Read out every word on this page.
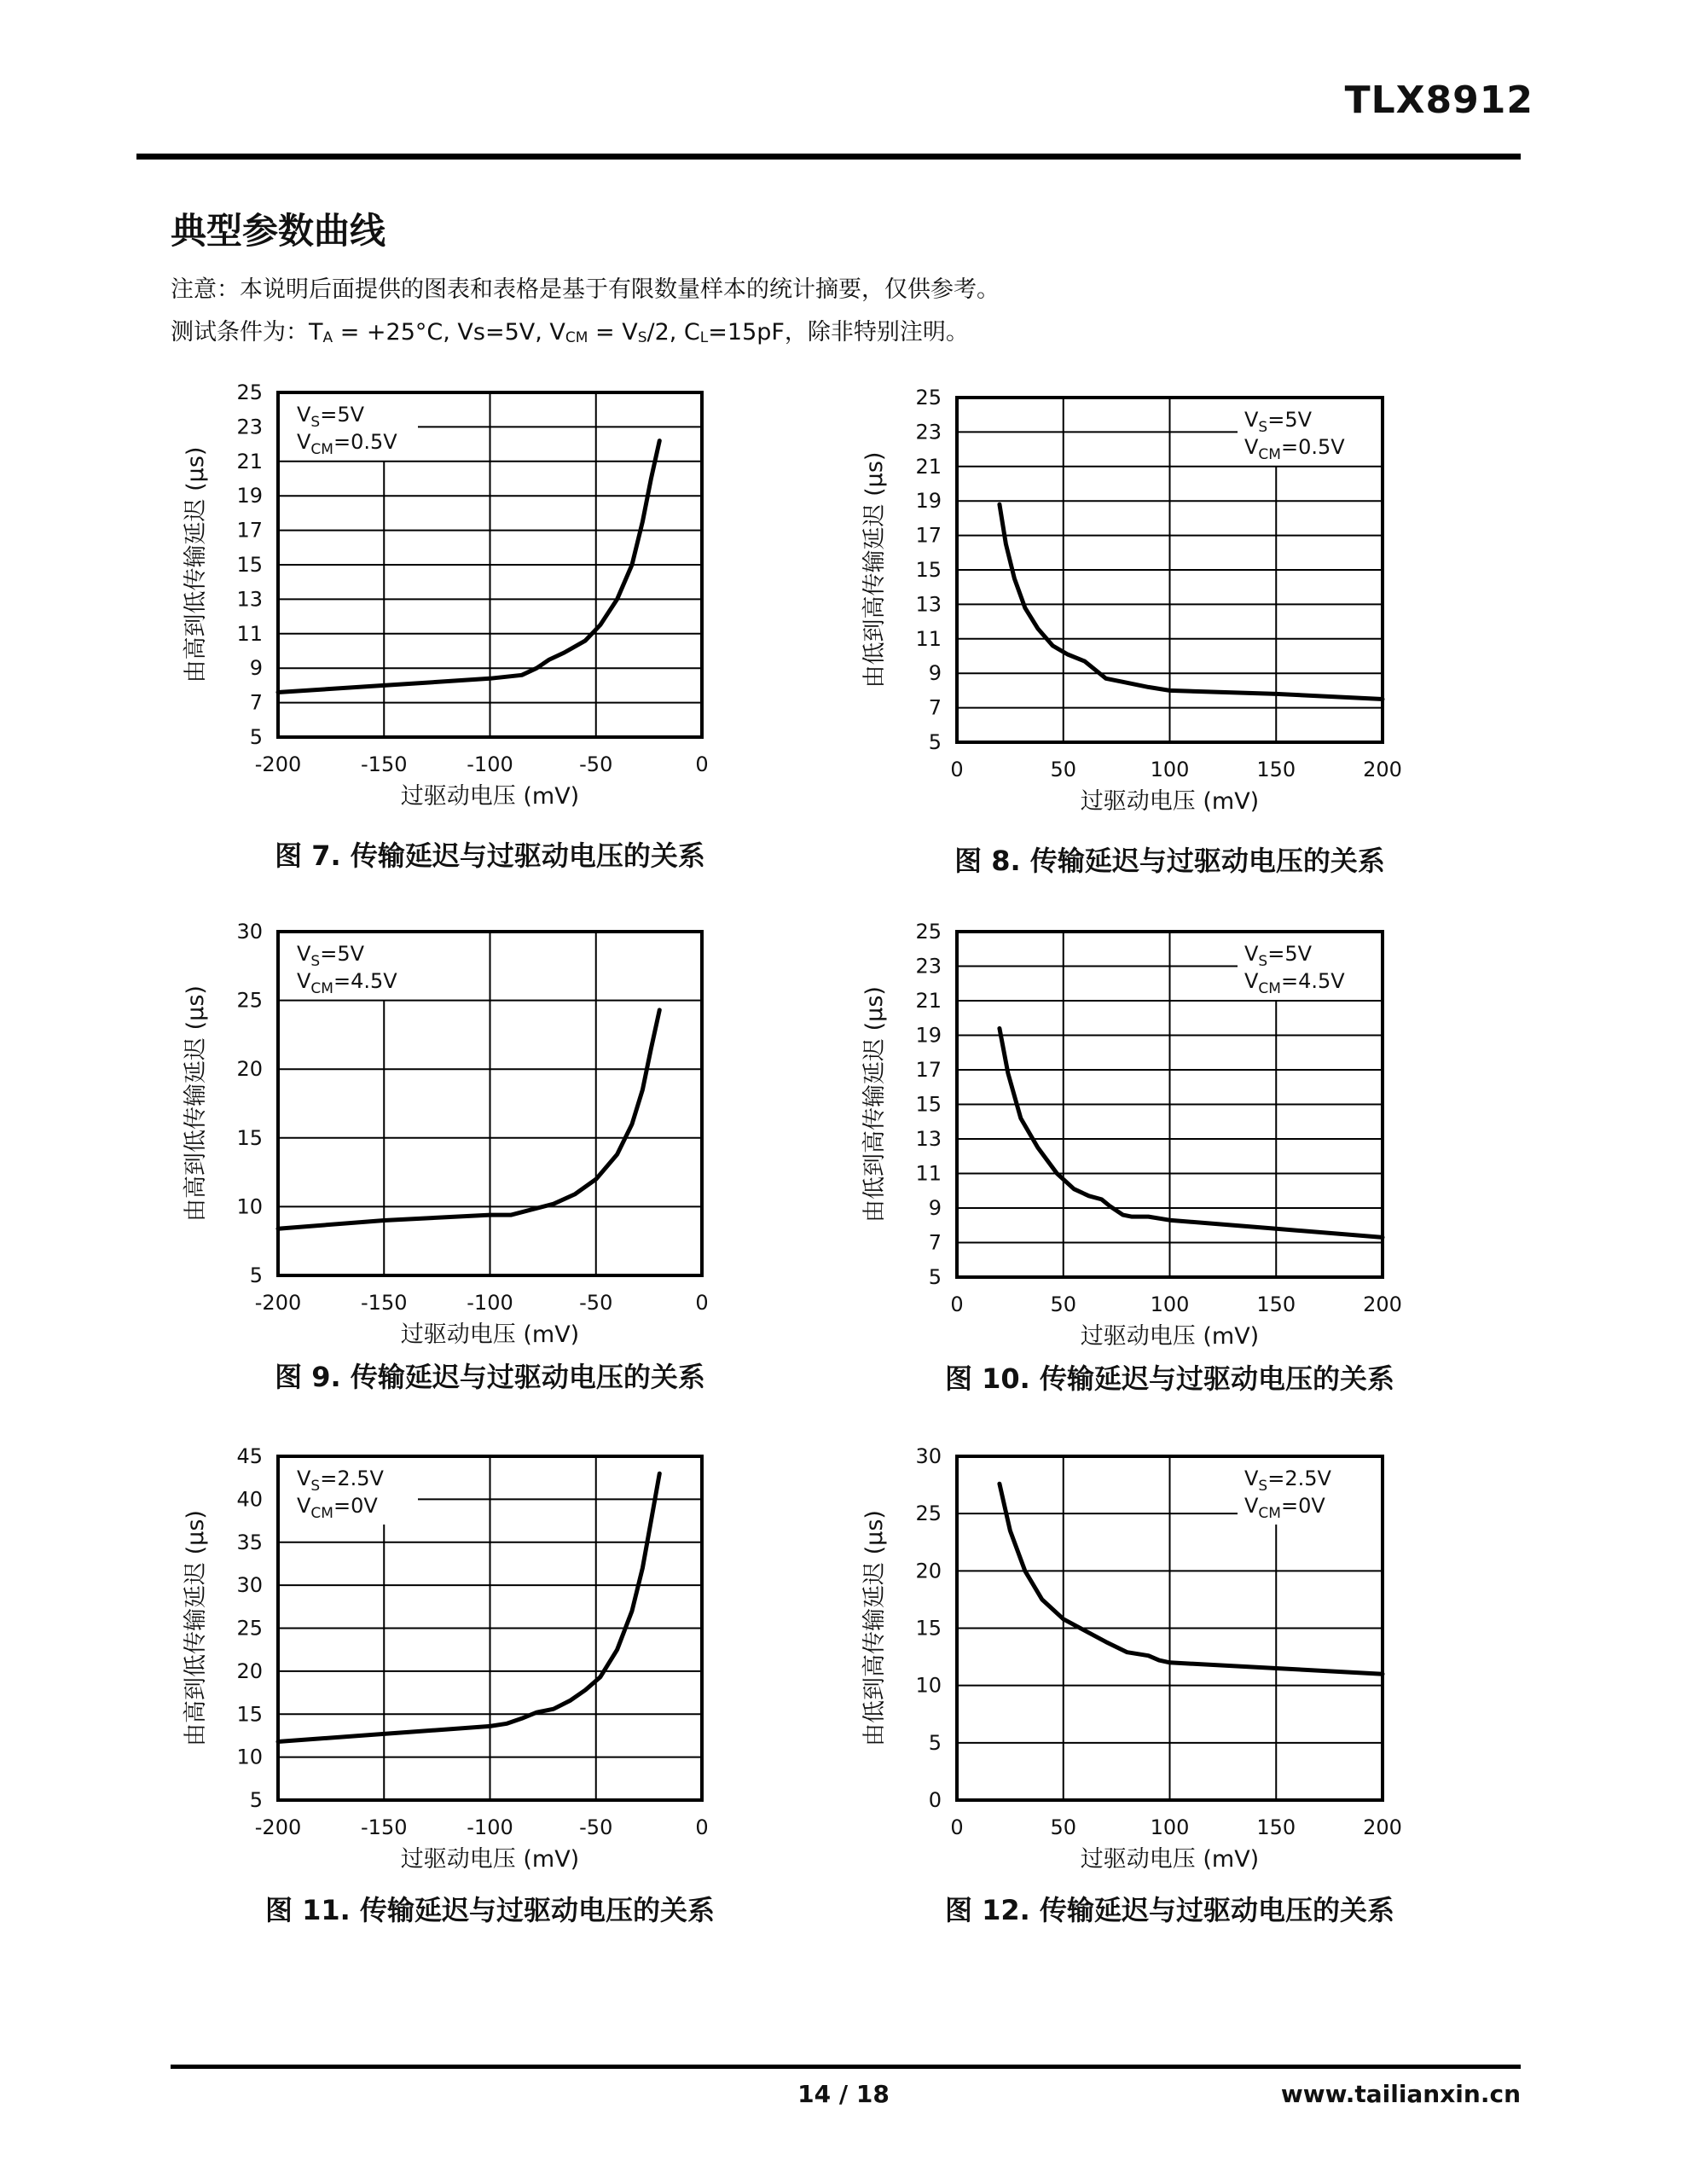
TLX8912
典型参数曲线

注意：本说明后面提供的图表和表格是基于有限数量样本的统计摘要，仅供参考。

测试条件为：$T_A = +25^\circ C$, Vs=5V, $V_{CM} = V_S/2$, $C_L=15pF$，除非特别注明。

5
7
9
11
13
15
17
19
21
23
25
-200	-150	-100	-50	0
过驱动电压 (mV)
由高到低传输延迟 (µs)
$V_S=5V$
$V_{CM}=0.5V$
图 7. 传输延迟与过驱动电压的关系
5
7
9
11
13
15
17
19
21
23
25
0	50	100	150	200
过驱动电压 (mV)
由低到高传输延迟 (µs)
$V_S=5V$
$V_{CM}=0.5V$
图 8. 传输延迟与过驱动电压的关系
5
10
15
20
25
30
-200	-150	-100	-50	0
过驱动电压 (mV)
由高到低传输延迟 (µs)
$V_S=5V$
$V_{CM}=4.5V$
图 9. 传输延迟与过驱动电压的关系
5
7
9
11
13
15
17
19
21
23
25
0	50	100	150	200
过驱动电压 (mV)
由低到高传输延迟 (µs)
$V_S=5V$
$V_{CM}=4.5V$
图 10. 传输延迟与过驱动电压的关系
5
10
15
20
25
30
35
40
45
-200	-150	-100	-50	0
过驱动电压 (mV)
由高到低传输延迟 (µs)
$V_S=2.5V$
$V_{CM}=0V$
图 11. 传输延迟与过驱动电压的关系
0
5
10
15
20
25
30
0	50	100	150	200
过驱动电压 (mV)
由低到高传输延迟 (µs)
$V_S=2.5V$
$V_{CM}=0V$
图 12. 传输延迟与过驱动电压的关系

14 / 18	www.tailianxin.cn
